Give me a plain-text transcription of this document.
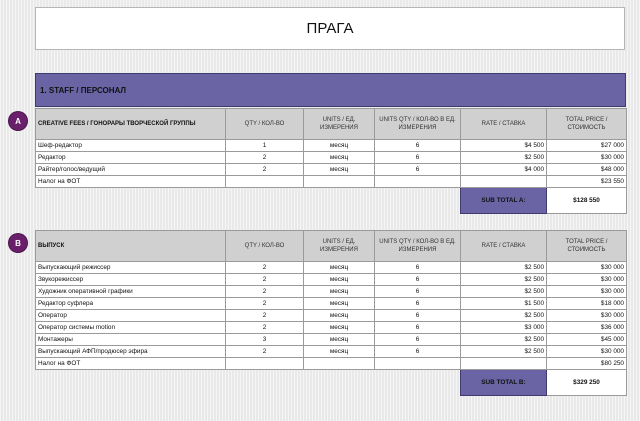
ПРАГА
1. STAFF / ПЕРСОНАЛ
A	CREATIVE FEES / ГОНОРАРЫ ТВОРЧЕСКОЙ ГРУППЫ	QTY / КОЛ-ВО	UNITS / ЕД. ИЗМЕРЕНИЯ	UNITS QTY / КОЛ-ВО В ЕД. ИЗМЕРЕНИЯ	RATE / СТАВКА	TOTAL PRICE / СТОИМОСТЬ
Шеф-редактор	1	месяц	6	$4 500	$27 000
Редактор	2	месяц	6	$2 500	$30 000
Райтер/голос/ведущий	2	месяц	6	$4 000	$48 000
Налог на ФОТ					$23 550
				SUB TOTAL A:	$128 550
B	ВЫПУСК	QTY / КОЛ-ВО	UNITS / ЕД. ИЗМЕРЕНИЯ	UNITS QTY / КОЛ-ВО В ЕД. ИЗМЕРЕНИЯ	RATE / СТАВКА	TOTAL PRICE / СТОИМОСТЬ
Выпускающий режиссер	2	месяц	6	$2 500	$30 000
Звукорежиссер	2	месяц	6	$2 500	$30 000
Художник оперативной графики	2	месяц	6	$2 500	$30 000
Редактор суфлера	2	месяц	6	$1 500	$18 000
Оператор	2	месяц	6	$2 500	$30 000
Оператор системы motion	2	месяц	6	$3 000	$36 000
Монтажеры	3	месяц	6	$2 500	$45 000
Выпускающий АФП/продюсер эфира	2	месяц	6	$2 500	$30 000
Налог на ФОТ					$80 250
				SUB TOTAL B:	$329 250
